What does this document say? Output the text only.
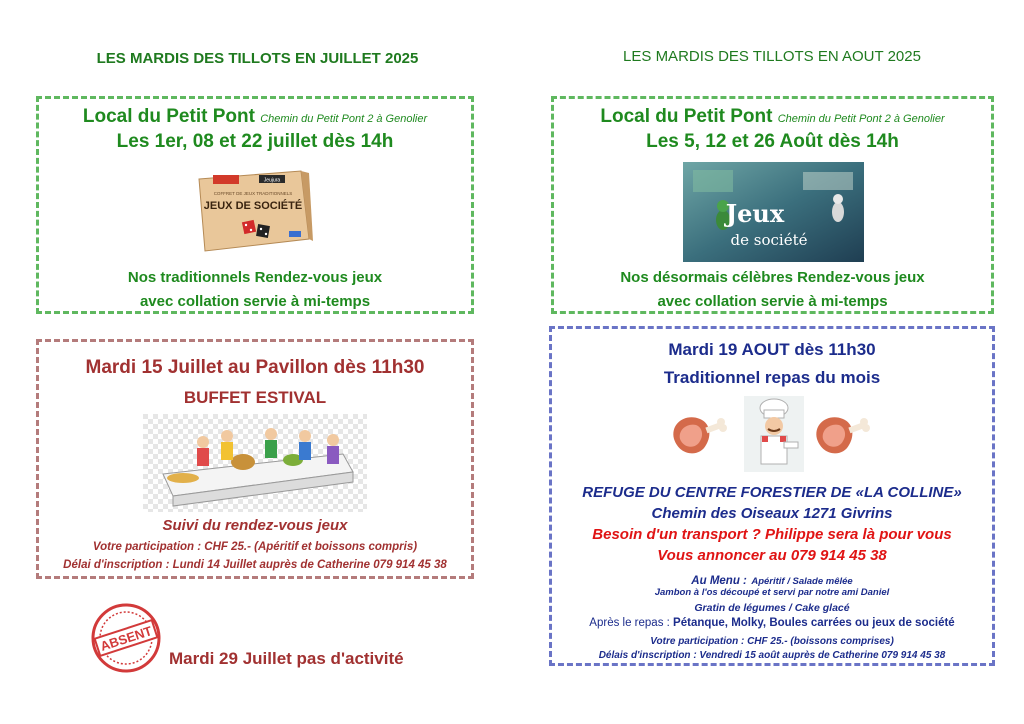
LES MARDIS DES TILLOTS EN JUILLET 2025	LES MARDIS DES TILLOTS EN AOUT 2025
Local du Petit Pont Chemin du Petit Pont 2 à Genolier
Les 1er, 08 et 22 juillet dès 14h
Jeujura
COFFRET DE JEUX TRADITIONNELS
JEUX DE SOCIÉTÉ
Nos traditionnels Rendez-vous jeux
avec collation servie à mi-temps
Local du Petit Pont Chemin du Petit Pont 2 à Genolier
Les 5, 12 et 26 Août dès 14h
Jeux
de société
Nos désormais célèbres Rendez-vous jeux
avec collation servie à mi-temps
Mardi 15 Juillet au Pavillon dès 11h30
BUFFET ESTIVAL
Suivi du rendez-vous jeux
Votre participation : CHF 25.- (Apéritif et boissons compris)
Délai d'inscription : Lundi 14 Juillet auprès de Catherine 079 914 45 38
ABSENT
Mardi 29 Juillet pas d'activité
Mardi 19 AOUT dès 11h30
Traditionnel repas du mois
REFUGE DU CENTRE FORESTIER DE «LA COLLINE»
Chemin des Oiseaux 1271 Givrins
Besoin d'un transport ? Philippe sera là pour vous
Vous annoncer au 079 914 45 38
Au Menu : Apéritif / Salade mêlée
Jambon à l'os découpé et servi par notre ami Daniel
Gratin de légumes / Cake glacé
Après le repas : Pétanque, Molky, Boules carrées ou jeux de société
Votre participation : CHF 25.- (boissons comprises)
Délais d'inscription : Vendredi 15 août auprès de Catherine 079 914 45 38
